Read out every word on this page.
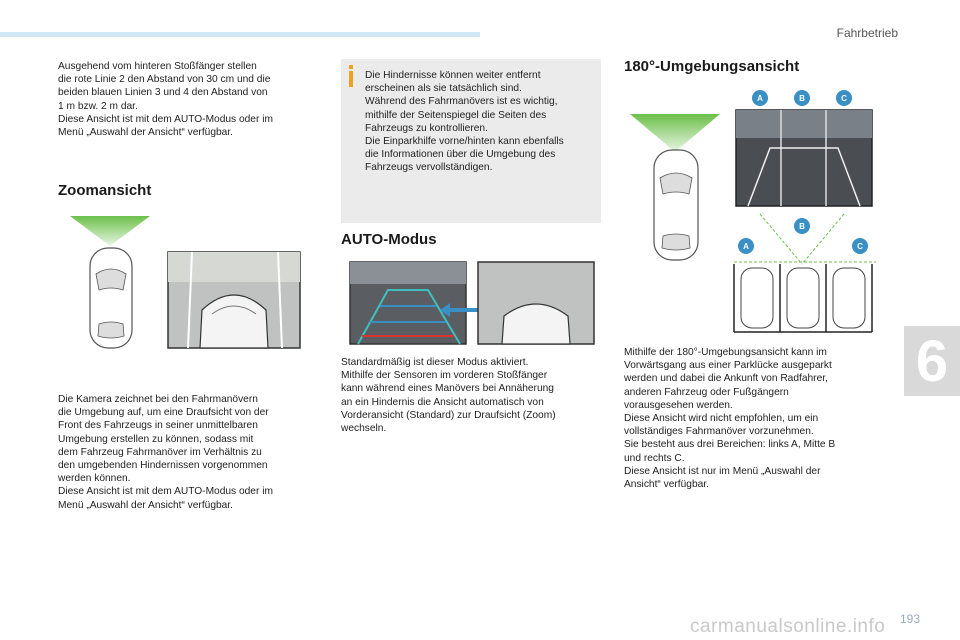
Fahrbetrieb
6
Ausgehend vom hinteren Stoßfänger stellen
die rote Linie 2 den Abstand von 30 cm und die
beiden blauen Linien 3 und 4 den Abstand von
1 m bzw. 2 m dar.
Diese Ansicht ist mit dem AUTO-Modus oder im
Menü „Auswahl der Ansicht“ verfügbar.
Zoomansicht
Die Kamera zeichnet bei den Fahrmanövern
die Umgebung auf, um eine Draufsicht von der
Front des Fahrzeugs in seiner unmittelbaren
Umgebung erstellen zu können, sodass mit
dem Fahrzeug Fahrmanöver im Verhältnis zu
den umgebenden Hindernissen vorgenommen
werden können.
Diese Ansicht ist mit dem AUTO-Modus oder im
Menü „Auswahl der Ansicht“ verfügbar.
Die Hindernisse können weiter entfernt
erscheinen als sie tatsächlich sind.
Während des Fahrmanövers ist es wichtig,
mithilfe der Seitenspiegel die Seiten des
Fahrzeugs zu kontrollieren.
Die Einparkhilfe vorne/hinten kann ebenfalls
die Informationen über die Umgebung des
Fahrzeugs vervollständigen.
AUTO-Modus
Standardmäßig ist dieser Modus aktiviert.
Mithilfe der Sensoren im vorderen Stoßfänger
kann während eines Manövers bei Annäherung
an ein Hindernis die Ansicht automatisch von
Vorderansicht (Standard) zur Draufsicht (Zoom)
wechseln.
180°-Umgebungsansicht
A	B	C
B
A	C
Mithilfe der 180°-Umgebungsansicht kann im
Vorwärtsgang aus einer Parklücke ausgeparkt
werden und dabei die Ankunft von Radfahrer,
anderen Fahrzeug oder Fußgängern
vorausgesehen werden.
Diese Ansicht wird nicht empfohlen, um ein
vollständiges Fahrmanöver vorzunehmen.
Sie besteht aus drei Bereichen: links A, Mitte B
und rechts C.
Diese Ansicht ist nur im Menü „Auswahl der
Ansicht“ verfügbar.
193
carmanualsonline.info
